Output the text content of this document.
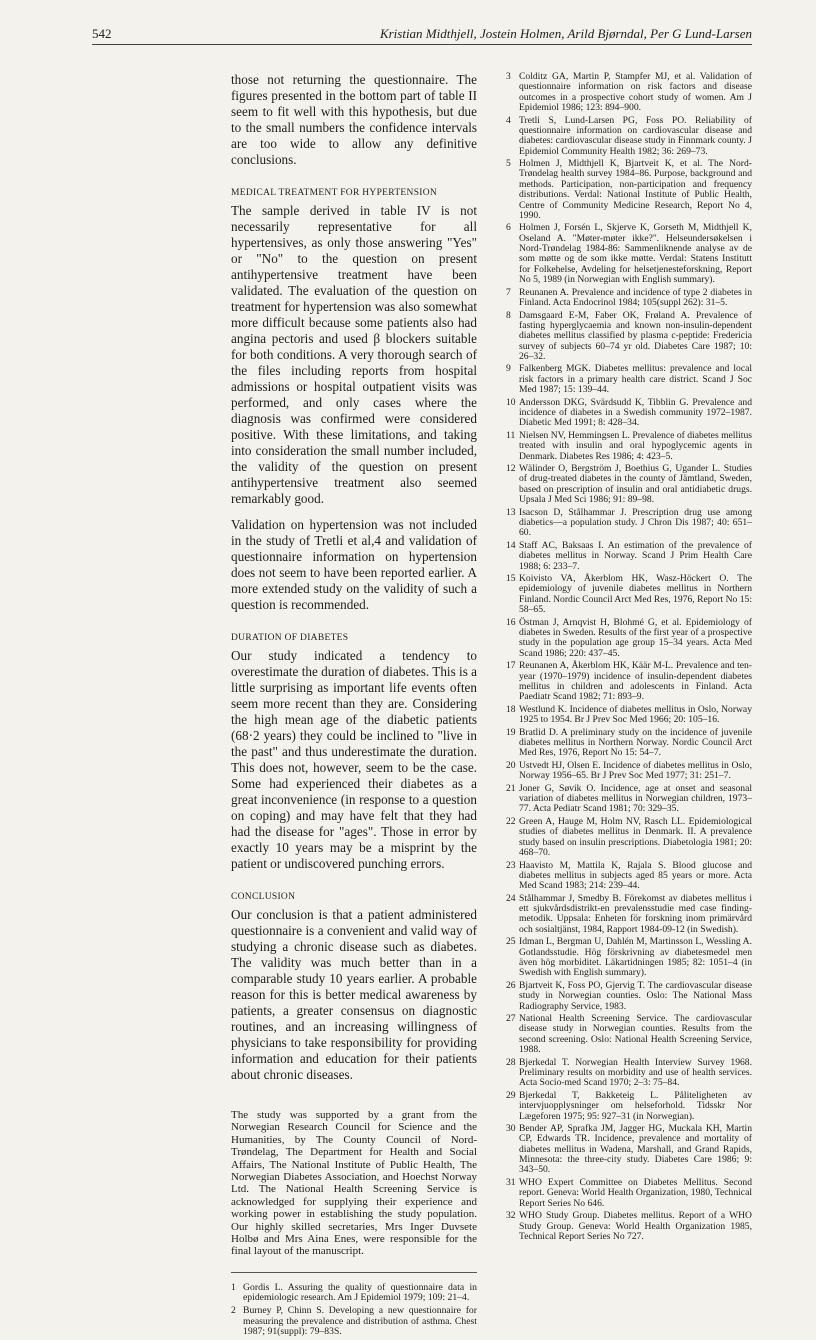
542	Kristian Midthjell, Jostein Holmen, Arild Bjørndal, Per G Lund-Larsen

those not returning the questionnaire. The figures presented in the bottom part of table II seem to fit well with this hypothesis, but due to the small numbers the confidence intervals are too wide to allow any definitive conclusions.

MEDICAL TREATMENT FOR HYPERTENSION

The sample derived in table IV is not necessarily representative for all hypertensives, as only those answering "Yes" or "No" to the question on present antihypertensive treatment have been validated. The evaluation of the question on treatment for hypertension was also somewhat more difficult because some patients also had angina pectoris and used β blockers suitable for both conditions. A very thorough search of the files including reports from hospital admissions or hospital outpatient visits was performed, and only cases where the diagnosis was confirmed were considered positive. With these limitations, and taking into consideration the small number included, the validity of the question on present antihypertensive treatment also seemed remarkably good.

Validation on hypertension was not included in the study of Tretli et al,4 and validation of questionnaire information on hypertension does not seem to have been reported earlier. A more extended study on the validity of such a question is recommended.

DURATION OF DIABETES

Our study indicated a tendency to overestimate the duration of diabetes. This is a little surprising as important life events often seem more recent than they are. Considering the high mean age of the diabetic patients (68·2 years) they could be inclined to "live in the past" and thus underestimate the duration. This does not, however, seem to be the case. Some had experienced their diabetes as a great inconvenience (in response to a question on coping) and may have felt that they had had the disease for "ages". Those in error by exactly 10 years may be a misprint by the patient or undiscovered punching errors.

CONCLUSION

Our conclusion is that a patient administered questionnaire is a convenient and valid way of studying a chronic disease such as diabetes. The validity was much better than in a comparable study 10 years earlier. A probable reason for this is better medical awareness by patients, a greater consensus on diagnostic routines, and an increasing willingness of physicians to take responsibility for providing information and education for their patients about chronic diseases.

The study was supported by a grant from the Norwegian Research Council for Science and the Humanities, by The County Council of Nord-Trøndelag, The Department for Health and Social Affairs, The National Institute of Public Health, The Norwegian Diabetes Association, and Hoechst Norway Ltd. The National Health Screening Service is acknowledged for supplying their experience and working power in establishing the study population. Our highly skilled secretaries, Mrs Inger Duvsete Holbø and Mrs Aina Enes, were responsible for the final layout of the manuscript.

1 Gordis L. Assuring the quality of questionnaire data in epidemiologic research. Am J Epidemiol 1979; 109: 21–4.

2 Burney P, Chinn S. Developing a new questionnaire for measuring the prevalence and distribution of asthma. Chest 1987; 91(suppl): 79–83S.

3 Colditz GA, Martin P, Stampfer MJ, et al. Validation of questionnaire information on risk factors and disease outcomes in a prospective cohort study of women. Am J Epidemiol 1986; 123: 894–900.

4 Tretli S, Lund-Larsen PG, Foss PO. Reliability of questionnaire information on cardiovascular disease and diabetes: cardiovascular disease study in Finnmark county. J Epidemiol Community Health 1982; 36: 269–73.

5 Holmen J, Midthjell K, Bjartveit K, et al. The Nord-Trøndelag health survey 1984–86. Purpose, background and methods. Participation, non-participation and frequency distributions. Verdal: National Institute of Public Health, Centre of Community Medicine Research, Report No 4, 1990.

6 Holmen J, Forsén L, Skjerve K, Gorseth M, Midthjell K, Oseland A. "Møter-møter ikke?". Helseundersøkelsen i Nord-Trøndelag 1984-86: Sammenliknende analyse av de som møtte og de som ikke møtte. Verdal: Statens Institutt for Folkehelse, Avdeling for helsetjenesteforskning, Report No 5, 1989 (in Norwegian with English summary).

7 Reunanen A. Prevalence and incidence of type 2 diabetes in Finland. Acta Endocrinol 1984; 105(suppl 262): 31–5.

8 Damsgaard E-M, Faber OK, Frøland A. Prevalence of fasting hyperglycaemia and known non-insulin-dependent diabetes mellitus classified by plasma c-peptide: Fredericia survey of subjects 60–74 yr old. Diabetes Care 1987; 10: 26–32.

9 Falkenberg MGK. Diabetes mellitus: prevalence and local risk factors in a primary health care district. Scand J Soc Med 1987; 15: 139–44.

10 Andersson DKG, Svärdsudd K, Tibblin G. Prevalence and incidence of diabetes in a Swedish community 1972–1987. Diabetic Med 1991; 8: 428–34.

11 Nielsen NV, Hemmingsen L. Prevalence of diabetes mellitus treated with insulin and oral hypoglycemic agents in Denmark. Diabetes Res 1986; 4: 423–5.

12 Wälinder O, Bergström J, Boethius G, Ugander L. Studies of drug-treated diabetes in the county of Jämtland, Sweden, based on prescription of insulin and oral antidiabetic drugs. Upsala J Med Sci 1986; 91: 89–98.

13 Isacson D, Stålhammar J. Prescription drug use among diabetics—a population study. J Chron Dis 1987; 40: 651–60.

14 Staff AC, Baksaas I. An estimation of the prevalence of diabetes mellitus in Norway. Scand J Prim Health Care 1988; 6: 233–7.

15 Koivisto VA, Åkerblom HK, Wasz-Höckert O. The epidemiology of juvenile diabetes mellitus in Northern Finland. Nordic Council Arct Med Res, 1976, Report No 15: 58–65.

16 Östman J, Arnqvist H, Blohmé G, et al. Epidemiology of diabetes in Sweden. Results of the first year of a prospective study in the population age group 15–34 years. Acta Med Scand 1986; 220: 437–45.

17 Reunanen A, Åkerblom HK, Käär M-L. Prevalence and ten-year (1970–1979) incidence of insulin-dependent diabetes mellitus in children and adolescents in Finland. Acta Paediatr Scand 1982; 71: 893–9.

18 Westlund K. Incidence of diabetes mellitus in Oslo, Norway 1925 to 1954. Br J Prev Soc Med 1966; 20: 105–16.

19 Bratlid D. A preliminary study on the incidence of juvenile diabetes mellitus in Northern Norway. Nordic Council Arct Med Res, 1976, Report No 15: 54–7.

20 Ustvedt HJ, Olsen E. Incidence of diabetes mellitus in Oslo, Norway 1956–65. Br J Prev Soc Med 1977; 31: 251–7.

21 Joner G, Søvik O. Incidence, age at onset and seasonal variation of diabetes mellitus in Norwegian children, 1973–77. Acta Pediatr Scand 1981; 70: 329–35.

22 Green A, Hauge M, Holm NV, Rasch LL. Epidemiological studies of diabetes mellitus in Denmark. II. A prevalence study based on insulin prescriptions. Diabetologia 1981; 20: 468–70.

23 Haavisto M, Mattila K, Rajala S. Blood glucose and diabetes mellitus in subjects aged 85 years or more. Acta Med Scand 1983; 214: 239–44.

24 Stålhammar J, Smedby B. Förekomst av diabetes mellitus i ett sjukvårdsdistrikt-en prevalensstudie med case finding-metodik. Uppsala: Enheten för forskning inom primärvård och sosialtjänst, 1984, Rapport 1984-09-12 (in Swedish).

25 Idman L, Bergman U, Dahlén M, Martinsson L, Wessling A. Gotlandsstudie. Hög förskrivning av diabetesmedel men även hög morbiditet. Läkartidningen 1985; 82: 1051–4 (in Swedish with English summary).

26 Bjartveit K, Foss PO, Gjervig T. The cardiovascular disease study in Norwegian counties. Oslo: The National Mass Radiography Service, 1983.

27 National Health Screening Service. The cardiovascular disease study in Norwegian counties. Results from the second screening. Oslo: National Health Screening Service, 1988.

28 Bjerkedal T. Norwegian Health Interview Survey 1968. Preliminary results on morbidity and use of health services. Acta Socio-med Scand 1970; 2–3: 75–84.

29 Bjerkedal T, Bakketeig L. Påliteligheten av intervjuopplysninger om helseforhold. Tidsskr Nor Lægeforen 1975; 95: 927–31 (in Norwegian).

30 Bender AP, Sprafka JM, Jagger HG, Muckala KH, Martin CP, Edwards TR. Incidence, prevalence and mortality of diabetes mellitus in Wadena, Marshall, and Grand Rapids, Minnesota: the three-city study. Diabetes Care 1986; 9: 343–50.

31 WHO Expert Committee on Diabetes Mellitus. Second report. Geneva: World Health Organization, 1980, Technical Report Series No 646.

32 WHO Study Group. Diabetes mellitus. Report of a WHO Study Group. Geneva: World Health Organization 1985, Technical Report Series No 727.
